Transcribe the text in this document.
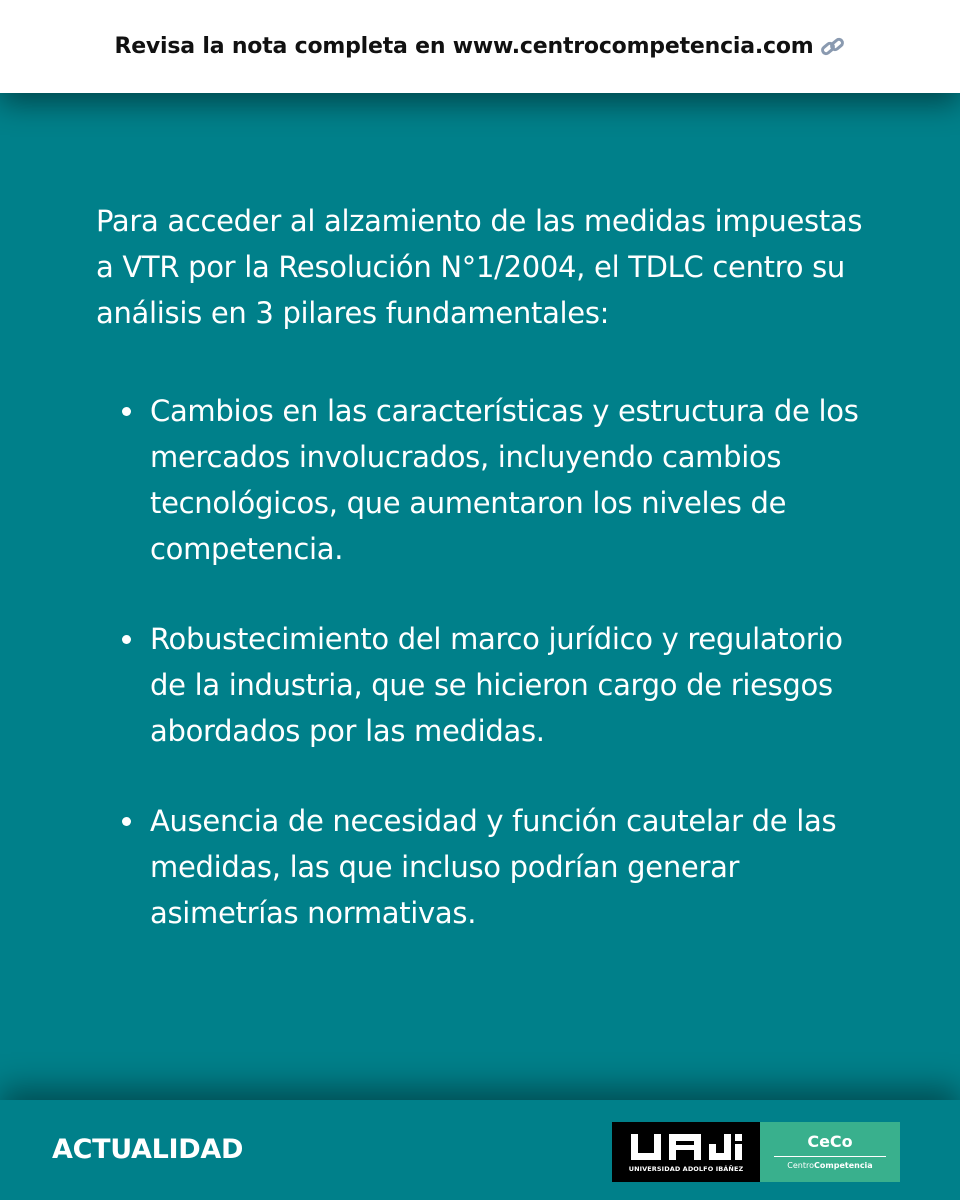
Revisa la nota completa en www.centrocompetencia.com

Para acceder al alzamiento de las medidas impuestas a VTR por la Resolución N°1/2004, el TDLC centro su análisis en 3 pilares fundamentales:

Cambios en las características y estructura de los mercados involucrados, incluyendo cambios tecnológicos, que aumentaron los niveles de competencia.
Robustecimiento del marco jurídico y regulatorio de la industria, que se hicieron cargo de riesgos abordados por las medidas.
Ausencia de necesidad y función cautelar de las medidas, las que incluso podrían generar asimetrías normativas.
ACTUALIDAD
UNIVERSIDAD ADOLFO IBÁÑEZ
CeCo
CentroCompetencia
